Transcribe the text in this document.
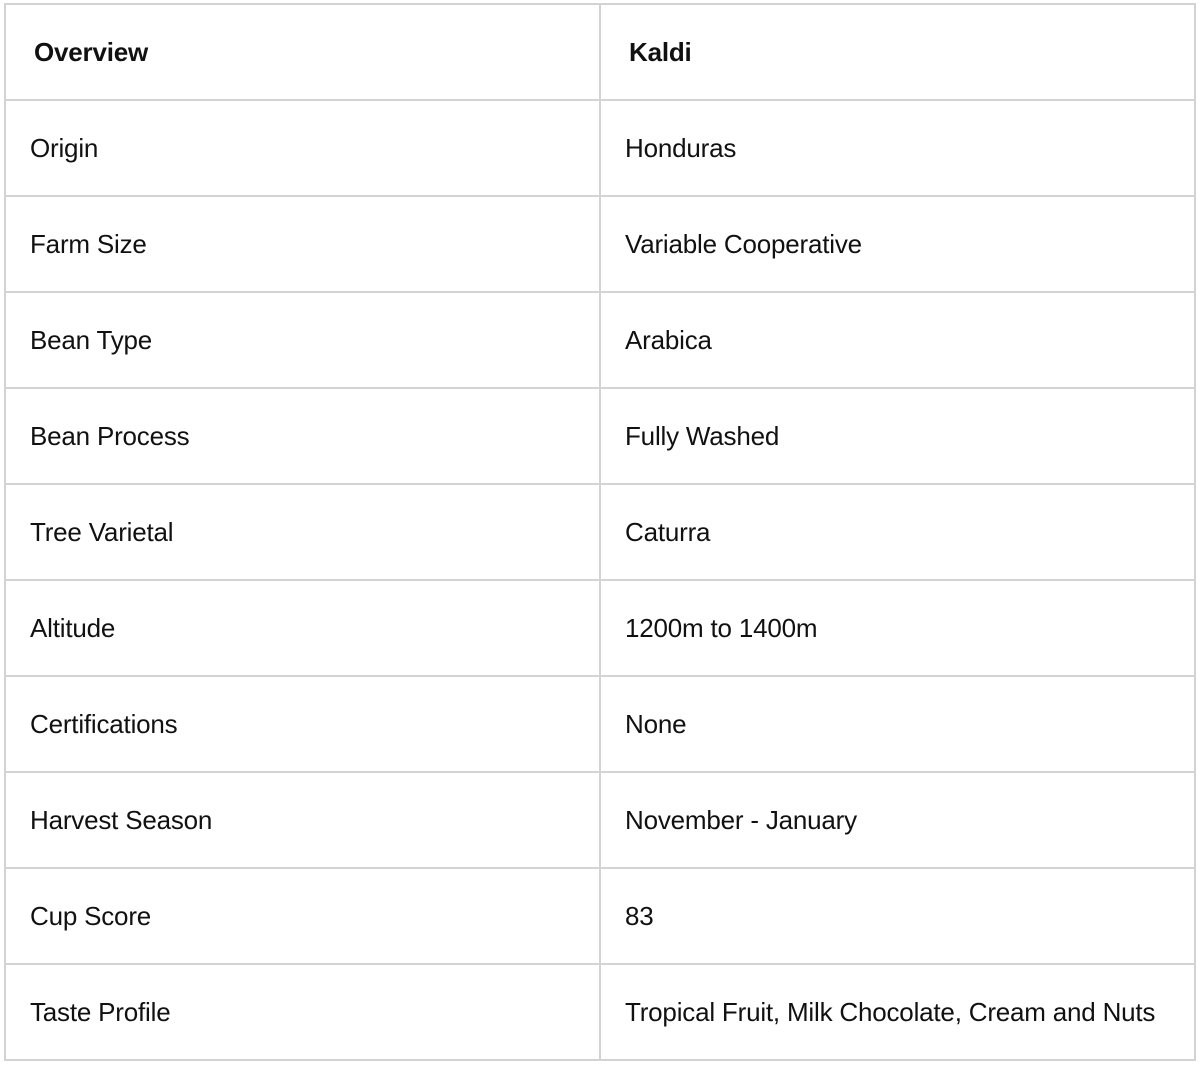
Overview	Kaldi
Origin	Honduras
Farm Size	Variable Cooperative
Bean Type	Arabica
Bean Process	Fully Washed
Tree Varietal	Caturra
Altitude	1200m to 1400m
Certifications	None
Harvest Season	November - January
Cup Score	83
Taste Profile	Tropical Fruit, Milk Chocolate, Cream and Nuts
